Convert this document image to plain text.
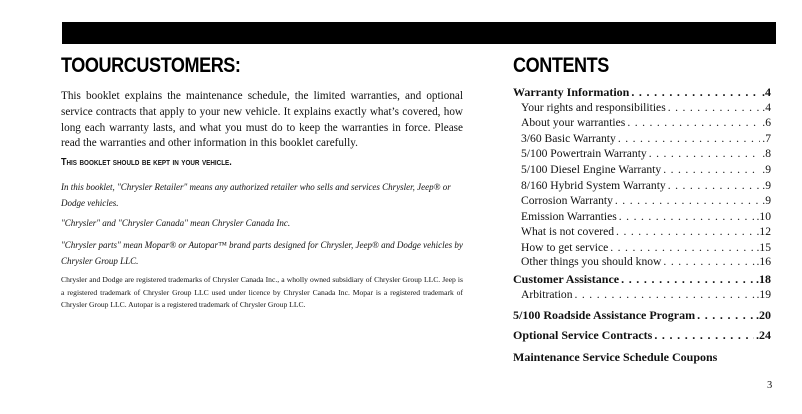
TOOURCUSTOMERS:
This booklet explains the maintenance schedule, the limited warranties, and optional service contracts that apply to your new vehicle. It explains exactly what’s covered, how long each warranty lasts, and what you must do to keep the warranties in force. Please read the warranties and other information in this booklet carefully.
This booklet should be kept in your vehicle.
In this booklet, "Chrysler Retailer" means any authorized retailer who sells and services Chrysler, Jeep® or Dodge vehicles.
"Chrysler" and "Chrysler Canada" mean Chrysler Canada Inc.
"Chrysler parts" mean Mopar® or Autopar™ brand parts designed for Chrysler, Jeep® and Dodge vehicles by Chrysler Group LLC.
Chrysler and Dodge are registered trademarks of Chrysler Canada Inc., a wholly owned subsidiary of Chrysler Group LLC. Jeep is a registered trademark of Chrysler Group LLC used under licence by Chrysler Canada Inc. Mopar is a registered trademark of Chrysler Group LLC. Autopar is a registered trademark of Chrysler Group LLC.
CONTENTS
Warranty Information . . .	.4
Your rights and responsibilities . . .	.4
About your warranties . . .	.6
3/60 Basic Warranty . . .	.7
5/100 Powertrain Warranty . . .	.8
5/100 Diesel Engine Warranty . . .	.9
8/160 Hybrid System Warranty . . .	.9
Corrosion Warranty . . .	.9
Emission Warranties . . .	.10
What is not covered . . .	.12
How to get service . . .	.15
Other things you should know . . .	.16
Customer Assistance . . .	.18
Arbitration . . .	.19
5/100 Roadside Assistance Program . . .	.20
Optional Service Contracts . . .	.24
Maintenance Service Schedule Coupons
3
